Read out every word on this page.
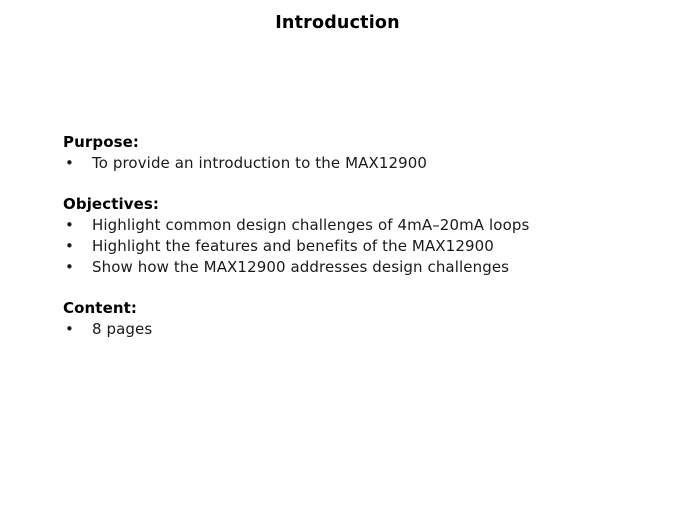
Introduction
Purpose:
•	To provide an introduction to the MAX12900
Objectives:
•	Highlight common design challenges of 4mA–20mA loops
•	Highlight the features and benefits of the MAX12900
•	Show how the MAX12900 addresses design challenges
Content:
•	8 pages
